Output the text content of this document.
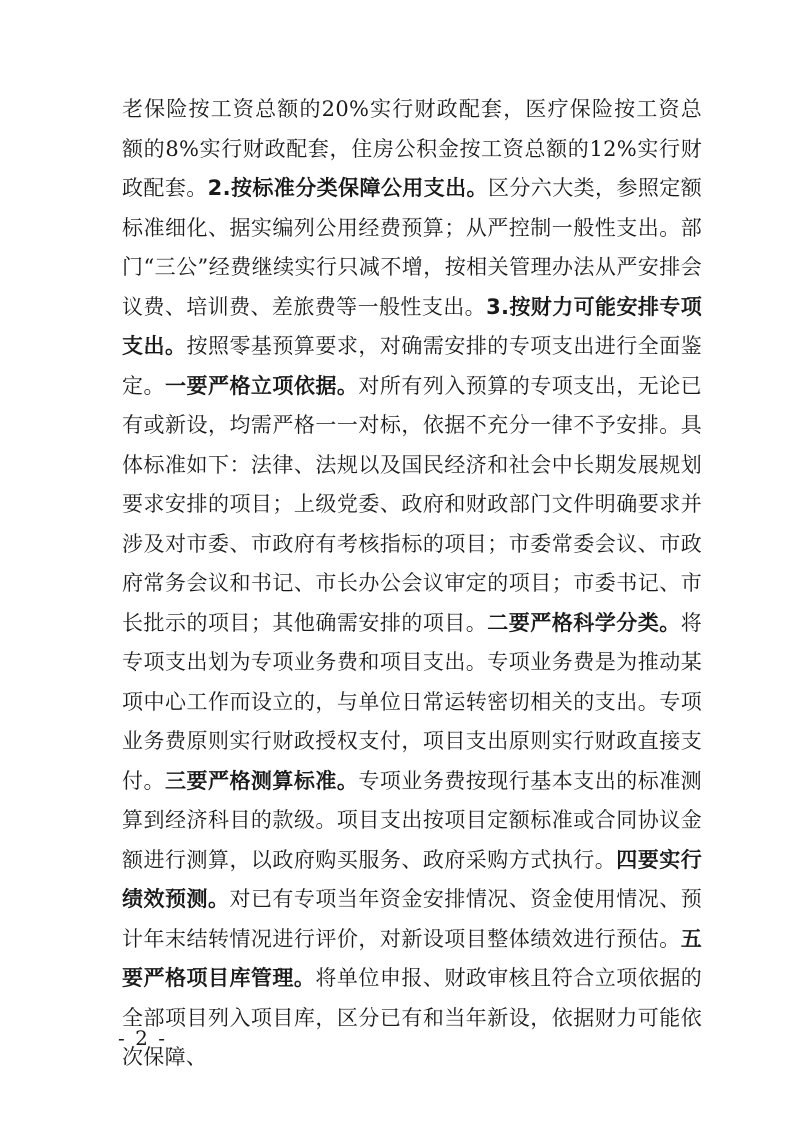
老保险按工资总额的20%实行财政配套，医疗保险按工资总额的8%实行财政配套，住房公积金按工资总额的12%实行财政配套。2.按标准分类保障公用支出。区分六大类，参照定额标准细化、据实编列公用经费预算；从严控制一般性支出。部门“三公”经费继续实行只减不增，按相关管理办法从严安排会议费、培训费、差旅费等一般性支出。3.按财力可能安排专项支出。按照零基预算要求，对确需安排的专项支出进行全面鉴定。一要严格立项依据。对所有列入预算的专项支出，无论已有或新设，均需严格一一对标，依据不充分一律不予安排。具体标准如下：法律、法规以及国民经济和社会中长期发展规划要求安排的项目；上级党委、政府和财政部门文件明确要求并涉及对市委、市政府有考核指标的项目；市委常委会议、市政府常务会议和书记、市长办公会议审定的项目；市委书记、市长批示的项目；其他确需安排的项目。二要严格科学分类。将专项支出划为专项业务费和项目支出。专项业务费是为推动某项中心工作而设立的，与单位日常运转密切相关的支出。专项业务费原则实行财政授权支付，项目支出原则实行财政直接支付。三要严格测算标准。专项业务费按现行基本支出的标准测算到经济科目的款级。项目支出按项目定额标准或合同协议金额进行测算，以政府购买服务、政府采购方式执行。四要实行绩效预测。对已有专项当年资金安排情况、资金使用情况、预计年末结转情况进行评价，对新设项目整体绩效进行预估。五要严格项目库管理。将单位申报、财政审核且符合立项依据的全部项目列入项目库，区分已有和当年新设，依据财力可能依次保障、

- 2 -
